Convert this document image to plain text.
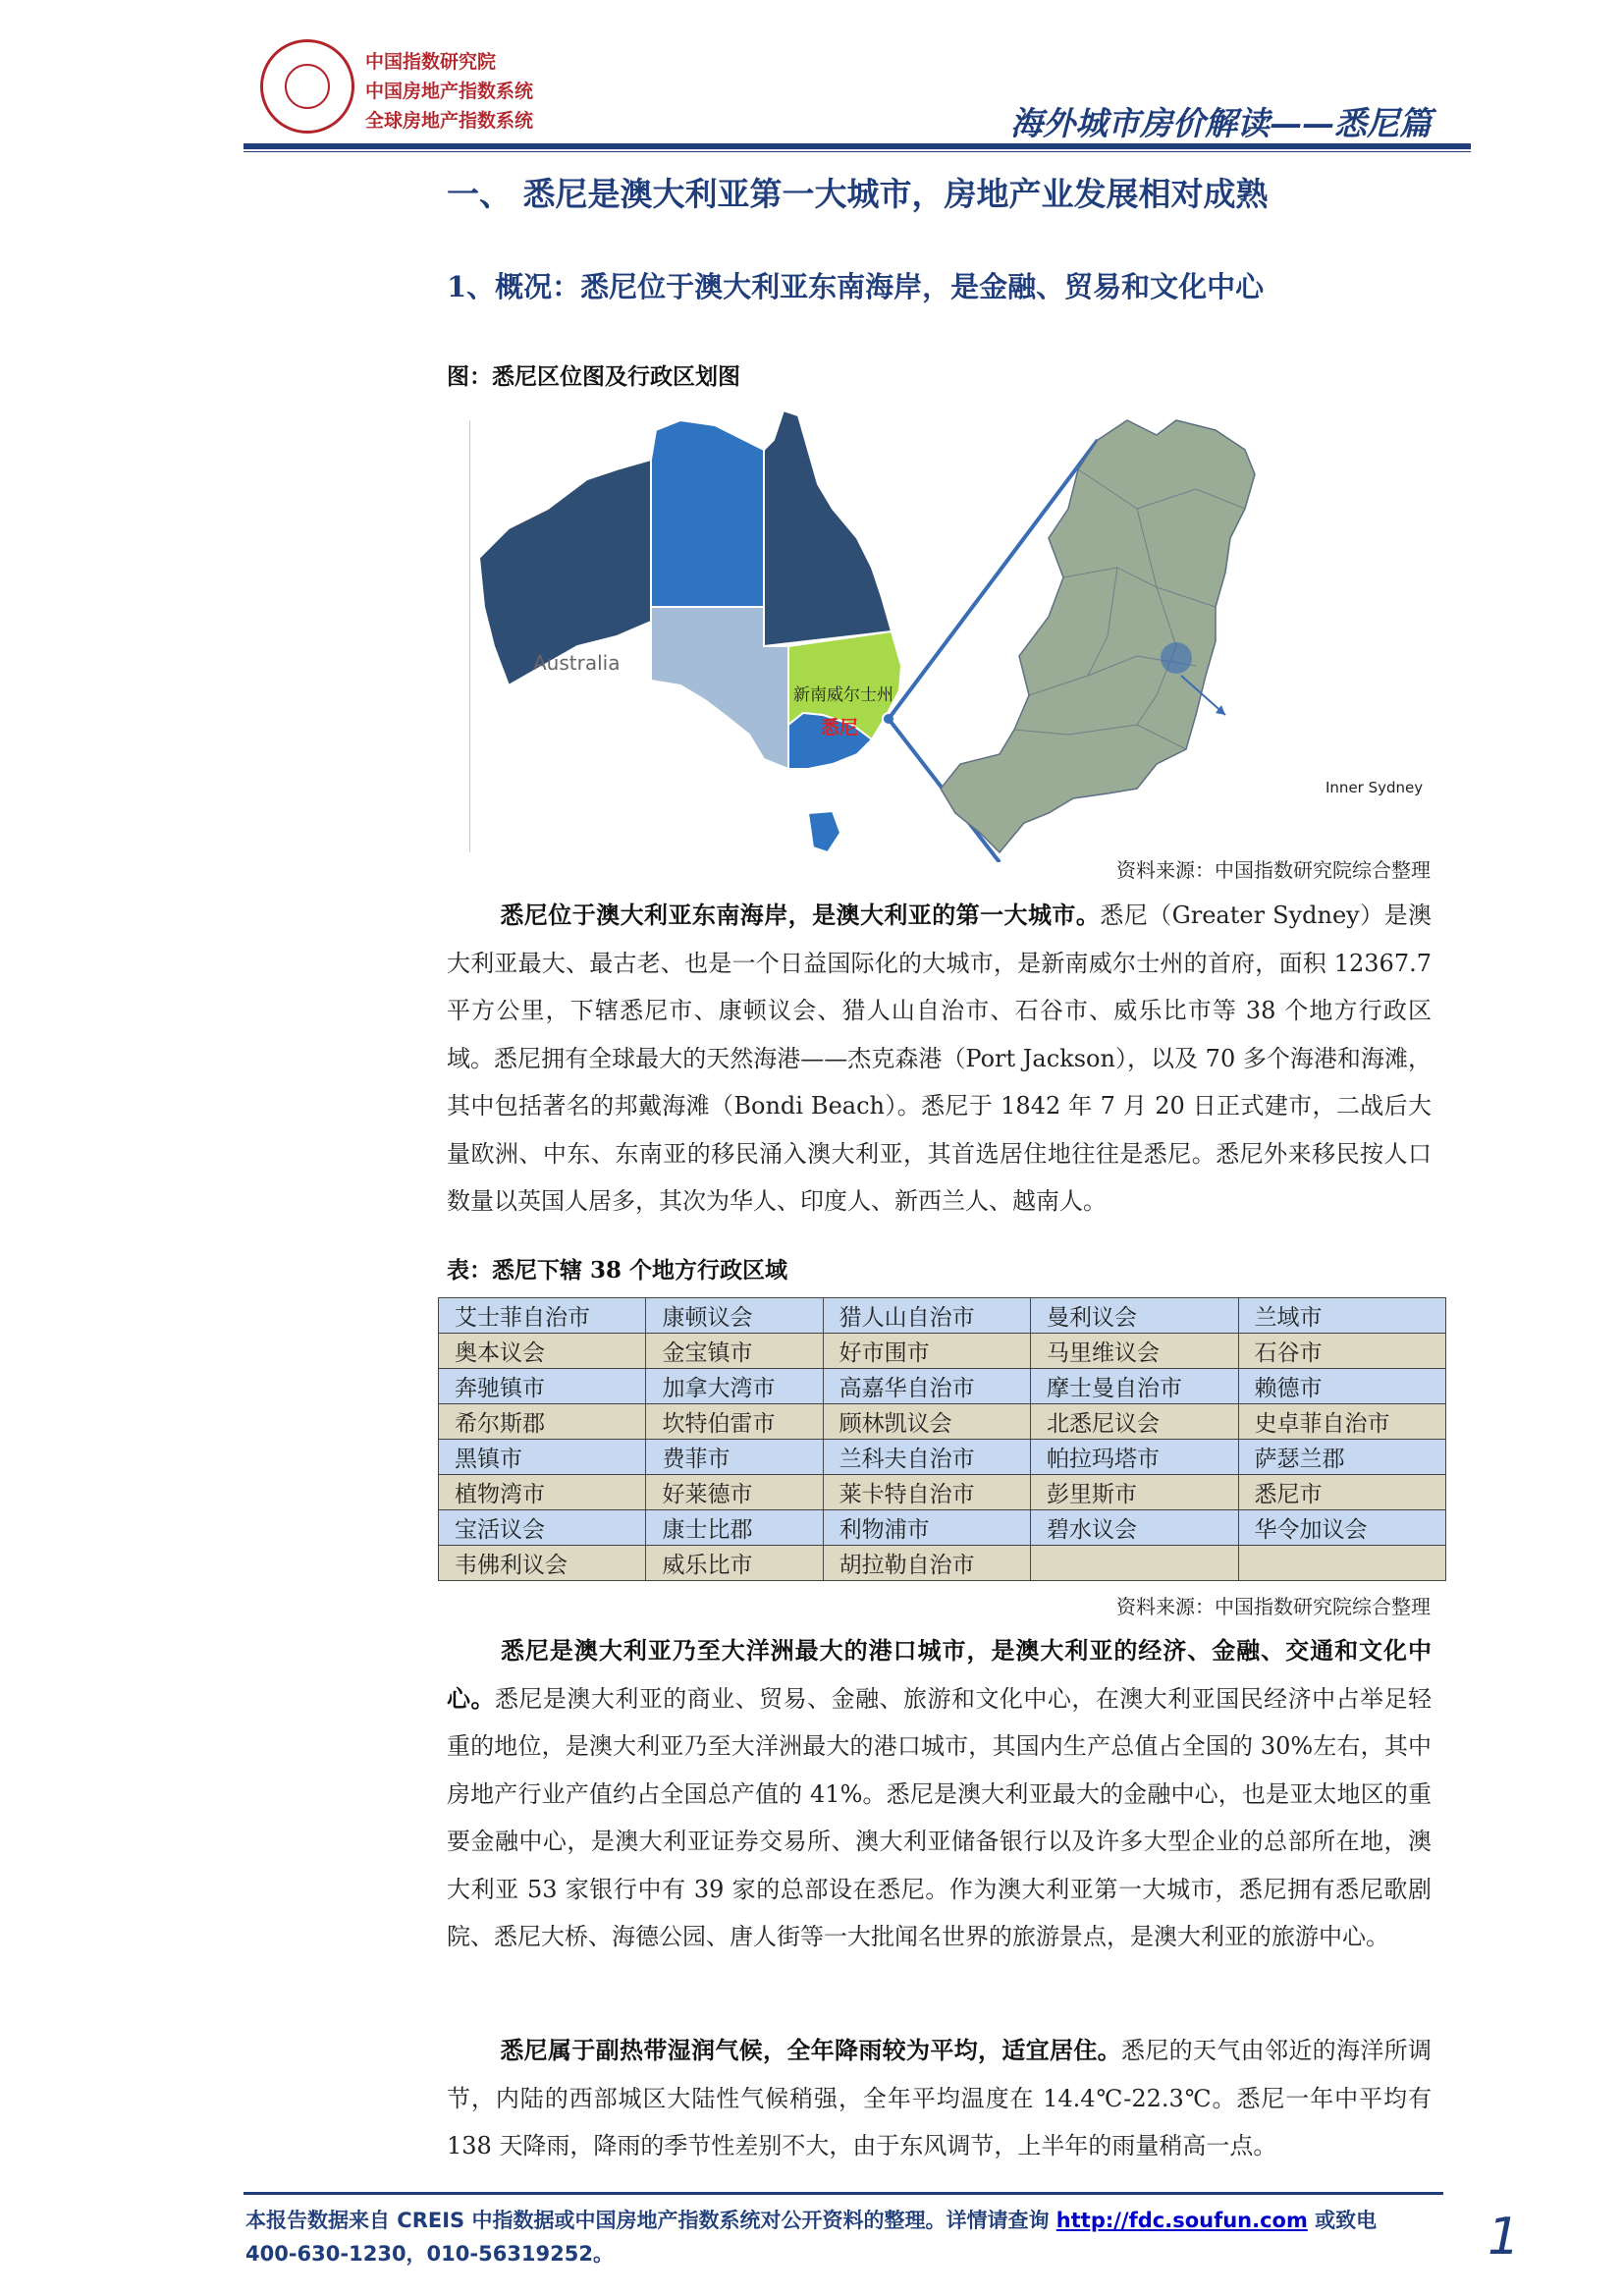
中国指数研究院
中国房地产指数系统
全球房地产指数系统	海外城市房价解读——悉尼篇
一、 悉尼是澳大利亚第一大城市，房地产业发展相对成熟
1、概况：悉尼位于澳大利亚东南海岸，是金融、贸易和文化中心
图：悉尼区位图及行政区划图
Australia
新南威尔士州
悉尼
Inner Sydney
资料来源：中国指数研究院综合整理
悉尼位于澳大利亚东南海岸，是澳大利亚的第一大城市。悉尼（Greater Sydney）是澳大利亚最大、最古老、也是一个日益国际化的大城市，是新南威尔士州的首府，面积 12367.7 平方公里，下辖悉尼市、康顿议会、猎人山自治市、石谷市、威乐比市等 38 个地方行政区域。悉尼拥有全球最大的天然海港——杰克森港（Port Jackson），以及 70 多个海港和海滩，其中包括著名的邦戴海滩（Bondi Beach）。悉尼于 1842 年 7 月 20 日正式建市，二战后大量欧洲、中东、东南亚的移民涌入澳大利亚，其首选居住地往往是悉尼。悉尼外来移民按人口数量以英国人居多，其次为华人、印度人、新西兰人、越南人。
表：悉尼下辖 38 个地方行政区域
艾士菲自治市	康顿议会	猎人山自治市	曼利议会	兰域市
奥本议会	金宝镇市	好市围市	马里维议会	石谷市
奔驰镇市	加拿大湾市	高嘉华自治市	摩士曼自治市	赖德市
希尔斯郡	坎特伯雷市	顾林凯议会	北悉尼议会	史卓菲自治市
黑镇市	费菲市	兰科夫自治市	帕拉玛塔市	萨瑟兰郡
植物湾市	好莱德市	莱卡特自治市	彭里斯市	悉尼市
宝活议会	康士比郡	利物浦市	碧水议会	华令加议会
韦佛利议会	威乐比市	胡拉勒自治市		
资料来源：中国指数研究院综合整理
悉尼是澳大利亚乃至大洋洲最大的港口城市，是澳大利亚的经济、金融、交通和文化中心。悉尼是澳大利亚的商业、贸易、金融、旅游和文化中心，在澳大利亚国民经济中占举足轻重的地位，是澳大利亚乃至大洋洲最大的港口城市，其国内生产总值占全国的 30%左右，其中房地产行业产值约占全国总产值的 41%。悉尼是澳大利亚最大的金融中心，也是亚太地区的重要金融中心，是澳大利亚证券交易所、澳大利亚储备银行以及许多大型企业的总部所在地，澳大利亚 53 家银行中有 39 家的总部设在悉尼。作为澳大利亚第一大城市，悉尼拥有悉尼歌剧院、悉尼大桥、海德公园、唐人街等一大批闻名世界的旅游景点，是澳大利亚的旅游中心。
悉尼属于副热带湿润气候，全年降雨较为平均，适宜居住。悉尼的天气由邻近的海洋所调节，内陆的西部城区大陆性气候稍强，全年平均温度在 14.4℃-22.3℃。悉尼一年中平均有 138 天降雨，降雨的季节性差别不大，由于东风调节，上半年的雨量稍高一点。
本报告数据来自 CREIS 中指数据或中国房地产指数系统对公开资料的整理。详情请查询 http://fdc.soufun.com 或致电 400-630-1230，010-56319252。	1
